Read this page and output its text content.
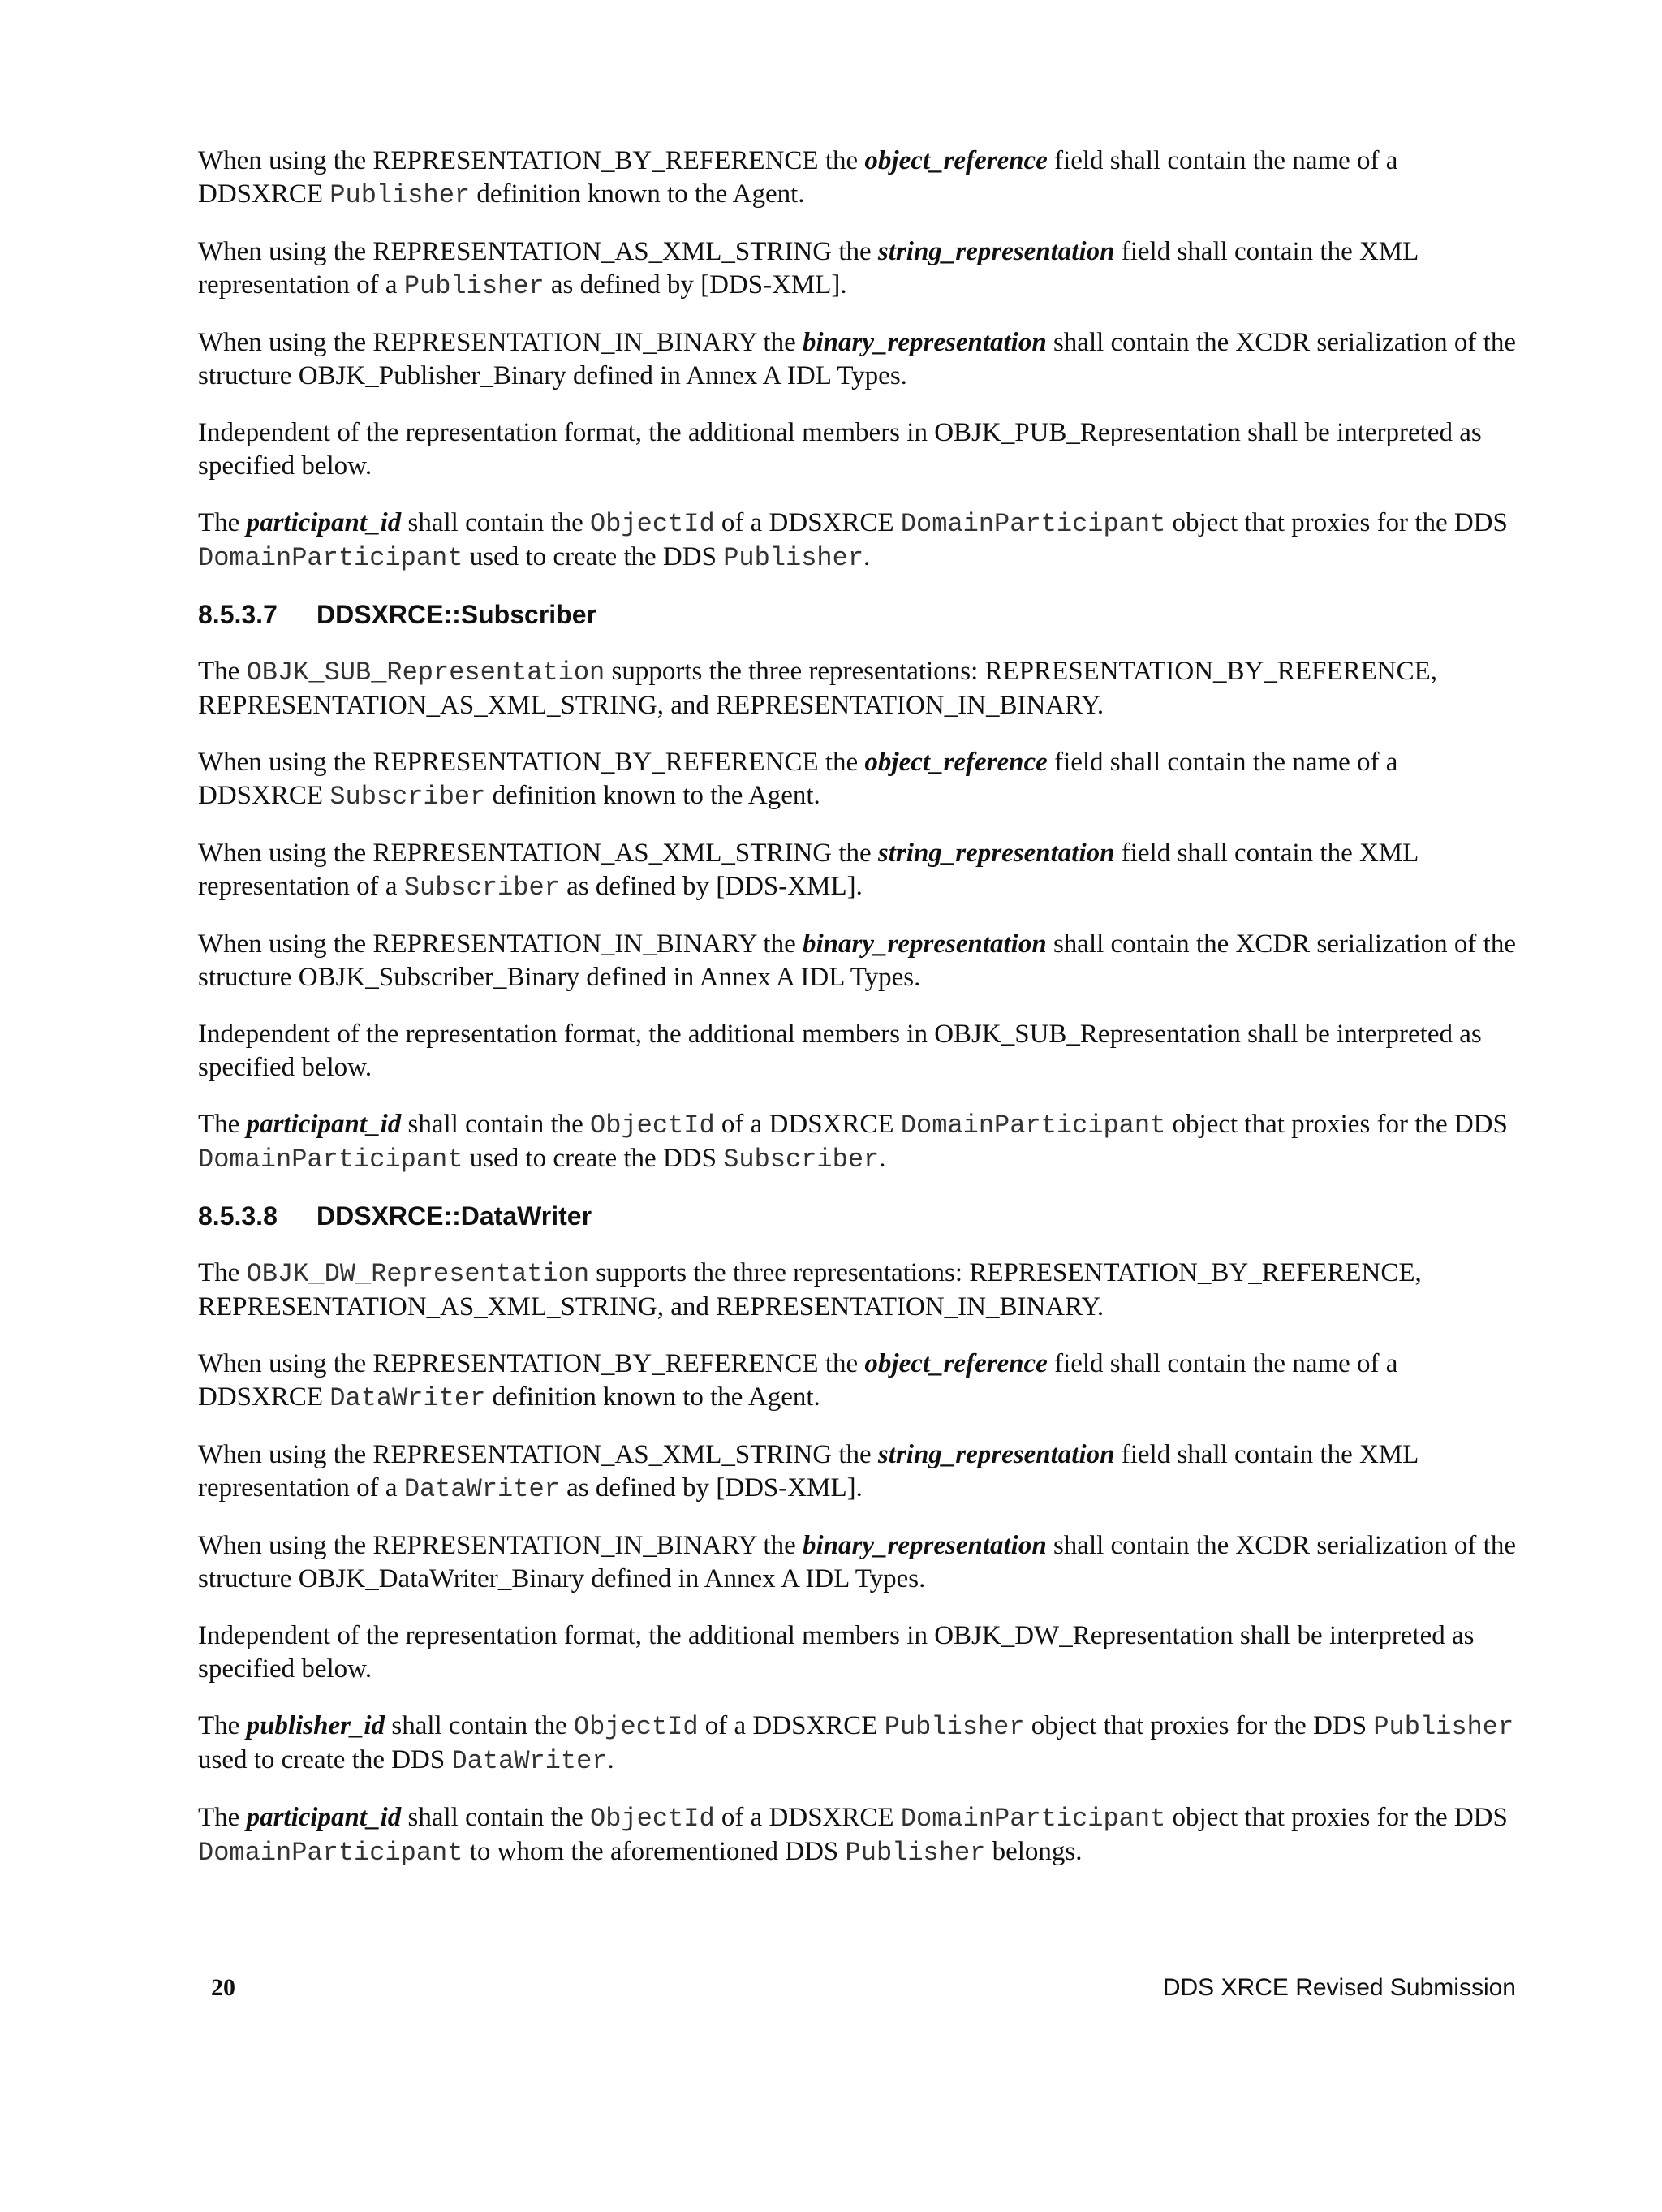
When using the REPRESENTATION_BY_REFERENCE the object_reference field shall contain the name of a DDSXRCE Publisher definition known to the Agent.

When using the REPRESENTATION_AS_XML_STRING the string_representation field shall contain the XML representation of a Publisher as defined by [DDS-XML].

When using the REPRESENTATION_IN_BINARY the binary_representation shall contain the XCDR serialization of the structure OBJK_Publisher_Binary defined in Annex A IDL Types.

Independent of the representation format, the additional members in OBJK_PUB_Representation shall be interpreted as specified below.

The participant_id shall contain the ObjectId of a DDSXRCE DomainParticipant object that proxies for the DDS DomainParticipant used to create the DDS Publisher.

8.5.3.7 DDSXRCE::Subscriber

The OBJK_SUB_Representation supports the three representations: REPRESENTATION_BY_REFERENCE, REPRESENTATION_AS_XML_STRING, and REPRESENTATION_IN_BINARY.

When using the REPRESENTATION_BY_REFERENCE the object_reference field shall contain the name of a DDSXRCE Subscriber definition known to the Agent.

When using the REPRESENTATION_AS_XML_STRING the string_representation field shall contain the XML representation of a Subscriber as defined by [DDS-XML].

When using the REPRESENTATION_IN_BINARY the binary_representation shall contain the XCDR serialization of the structure OBJK_Subscriber_Binary defined in Annex A IDL Types.

Independent of the representation format, the additional members in OBJK_SUB_Representation shall be interpreted as specified below.

The participant_id shall contain the ObjectId of a DDSXRCE DomainParticipant object that proxies for the DDS DomainParticipant used to create the DDS Subscriber.

8.5.3.8 DDSXRCE::DataWriter

The OBJK_DW_Representation supports the three representations: REPRESENTATION_BY_REFERENCE, REPRESENTATION_AS_XML_STRING, and REPRESENTATION_IN_BINARY.

When using the REPRESENTATION_BY_REFERENCE the object_reference field shall contain the name of a DDSXRCE DataWriter definition known to the Agent.

When using the REPRESENTATION_AS_XML_STRING the string_representation field shall contain the XML representation of a DataWriter as defined by [DDS-XML].

When using the REPRESENTATION_IN_BINARY the binary_representation shall contain the XCDR serialization of the structure OBJK_DataWriter_Binary defined in Annex A IDL Types.

Independent of the representation format, the additional members in OBJK_DW_Representation shall be interpreted as specified below.

The publisher_id shall contain the ObjectId of a DDSXRCE Publisher object that proxies for the DDS Publisher used to create the DDS DataWriter.

The participant_id shall contain the ObjectId of a DDSXRCE DomainParticipant object that proxies for the DDS DomainParticipant to whom the aforementioned DDS Publisher belongs.

20	DDS XRCE Revised Submission
